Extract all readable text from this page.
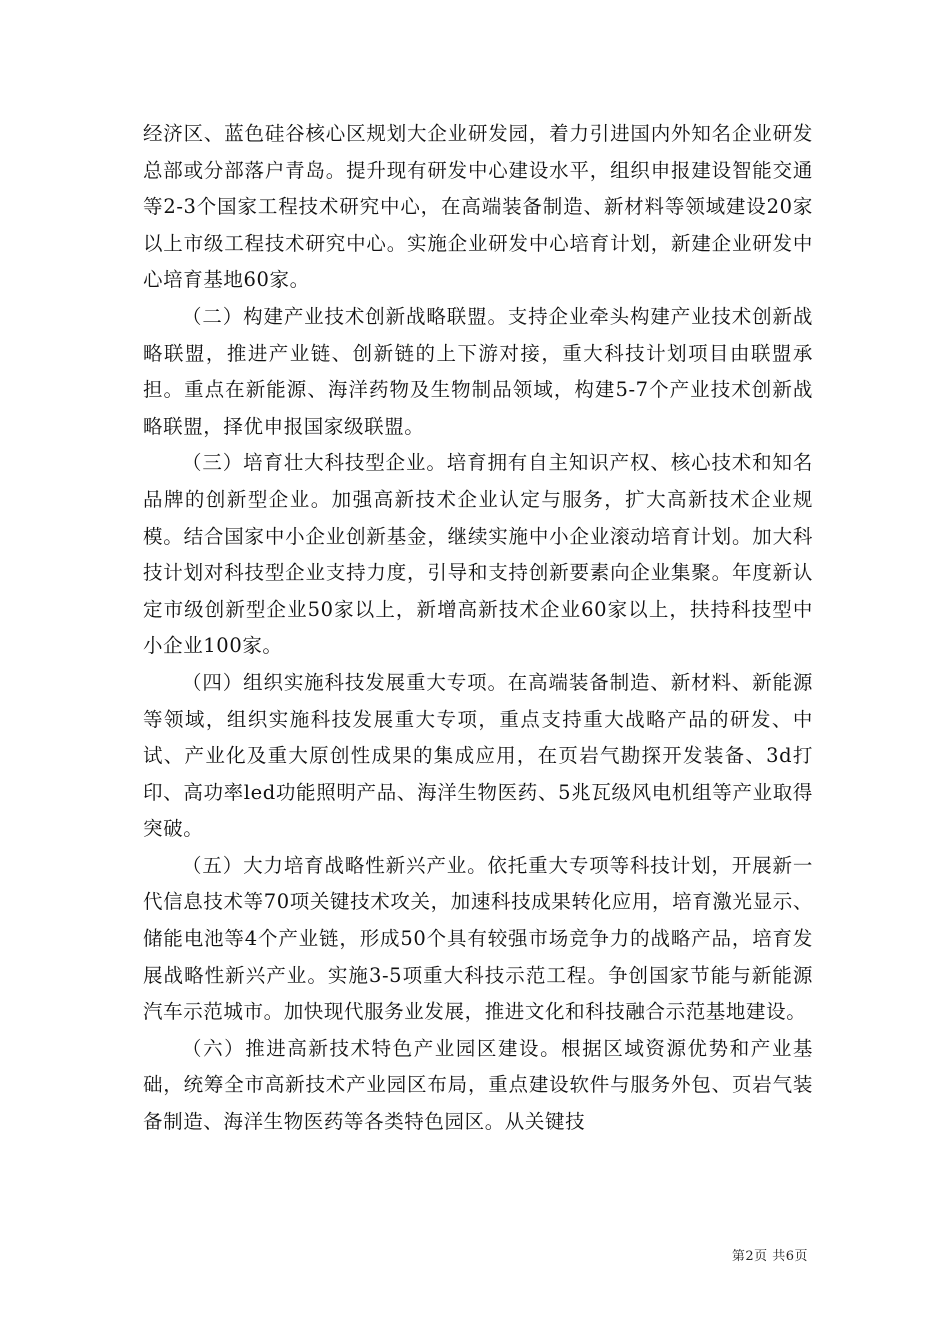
经济区、蓝色硅谷核心区规划大企业研发园，着力引进国内外知名企业研发总部或分部落户青岛。提升现有研发中心建设水平，组织申报建设智能交通等2-3个国家工程技术研究中心，在高端装备制造、新材料等领域建设20家以上市级工程技术研究中心。实施企业研发中心培育计划，新建企业研发中心培育基地60家。

（二）构建产业技术创新战略联盟。支持企业牵头构建产业技术创新战略联盟，推进产业链、创新链的上下游对接，重大科技计划项目由联盟承担。重点在新能源、海洋药物及生物制品领域，构建5-7个产业技术创新战略联盟，择优申报国家级联盟。

（三）培育壮大科技型企业。培育拥有自主知识产权、核心技术和知名品牌的创新型企业。加强高新技术企业认定与服务，扩大高新技术企业规模。结合国家中小企业创新基金，继续实施中小企业滚动培育计划。加大科技计划对科技型企业支持力度，引导和支持创新要素向企业集聚。年度新认定市级创新型企业50家以上，新增高新技术企业60家以上，扶持科技型中小企业100家。

（四）组织实施科技发展重大专项。在高端装备制造、新材料、新能源等领域，组织实施科技发展重大专项，重点支持重大战略产品的研发、中试、产业化及重大原创性成果的集成应用，在页岩气勘探开发装备、3d打印、高功率led功能照明产品、海洋生物医药、5兆瓦级风电机组等产业取得突破。

（五）大力培育战略性新兴产业。依托重大专项等科技计划，开展新一代信息技术等70项关键技术攻关，加速科技成果转化应用，培育激光显示、储能电池等4个产业链，形成50个具有较强市场竞争力的战略产品，培育发展战略性新兴产业。实施3-5项重大科技示范工程。争创国家节能与新能源汽车示范城市。加快现代服务业发展，推进文化和科技融合示范基地建设。

（六）推进高新技术特色产业园区建设。根据区域资源优势和产业基础，统筹全市高新技术产业园区布局，重点建设软件与服务外包、页岩气装备制造、海洋生物医药等各类特色园区。从关键技

第2页 共6页
